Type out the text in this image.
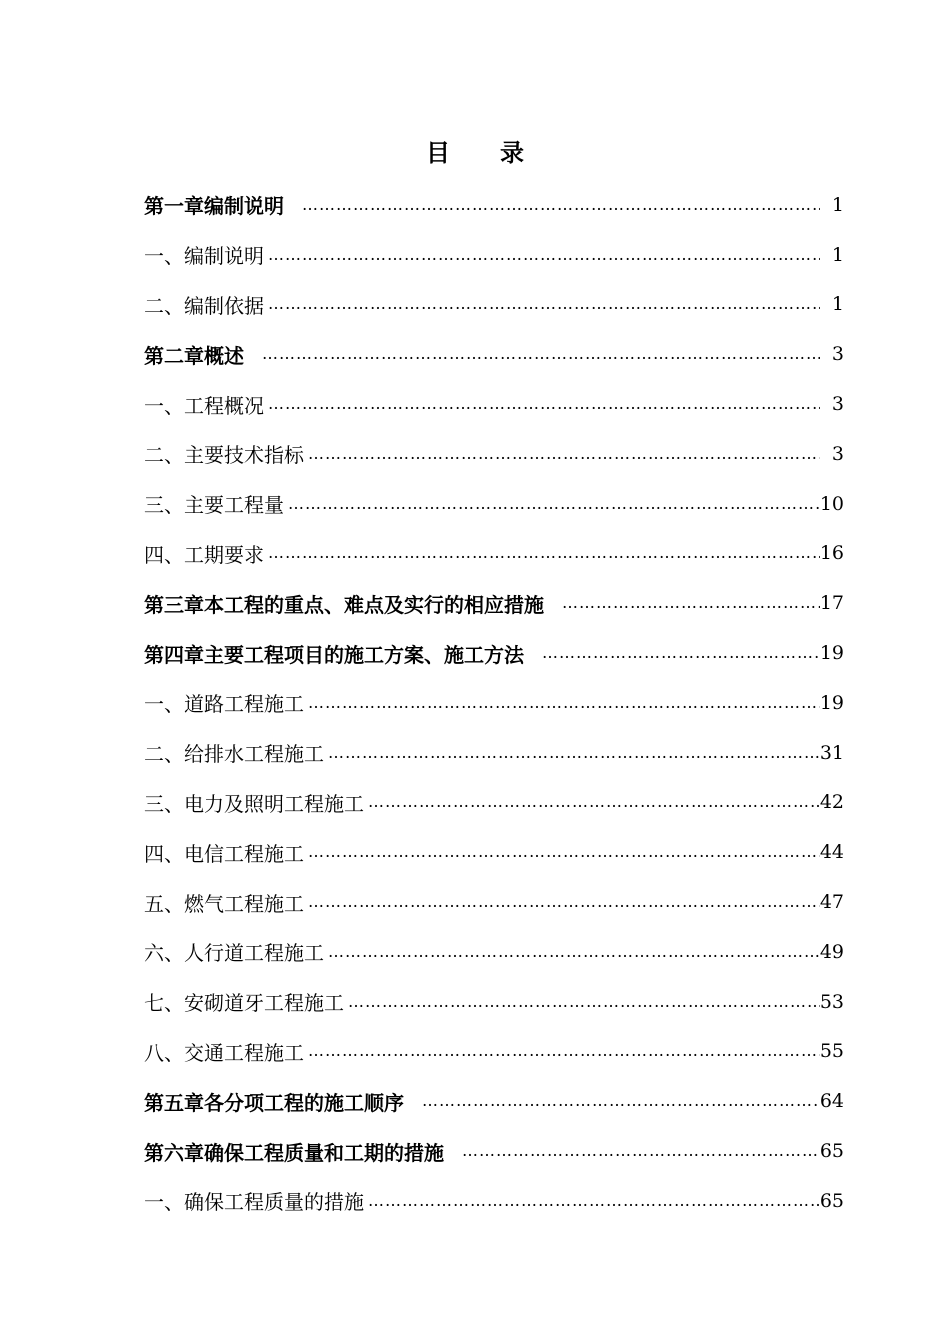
目 录
第一章编制说明 …………………………………………………………………………………………………………………………………………………………………………	1
一、编制说明 …………………………………………………………………………………………………………………………………………………………………………	1
二、编制依据 …………………………………………………………………………………………………………………………………………………………………………	1
第二章概述 …………………………………………………………………………………………………………………………………………………………………………	3
一、工程概况 …………………………………………………………………………………………………………………………………………………………………………	3
二、主要技术指标 …………………………………………………………………………………………………………………………………………………………………………	3
三、主要工程量 …………………………………………………………………………………………………………………………………………………………………………	10
四、工期要求 …………………………………………………………………………………………………………………………………………………………………………	16
第三章本工程的重点、难点及实行的相应措施 …………………………………………………………………………………………………………………………………………………………………………	17
第四章主要工程项目的施工方案、施工方法 …………………………………………………………………………………………………………………………………………………………………………	19
一、道路工程施工 …………………………………………………………………………………………………………………………………………………………………………	19
二、给排水工程施工 …………………………………………………………………………………………………………………………………………………………………………	31
三、电力及照明工程施工 …………………………………………………………………………………………………………………………………………………………………………	42
四、电信工程施工 …………………………………………………………………………………………………………………………………………………………………………	44
五、燃气工程施工 …………………………………………………………………………………………………………………………………………………………………………	47
六、人行道工程施工 …………………………………………………………………………………………………………………………………………………………………………	49
七、安砌道牙工程施工 …………………………………………………………………………………………………………………………………………………………………………	53
八、交通工程施工 …………………………………………………………………………………………………………………………………………………………………………	55
第五章各分项工程的施工顺序 …………………………………………………………………………………………………………………………………………………………………………	64
第六章确保工程质量和工期的措施 …………………………………………………………………………………………………………………………………………………………………………	65
一、确保工程质量的措施 …………………………………………………………………………………………………………………………………………………………………………	65
